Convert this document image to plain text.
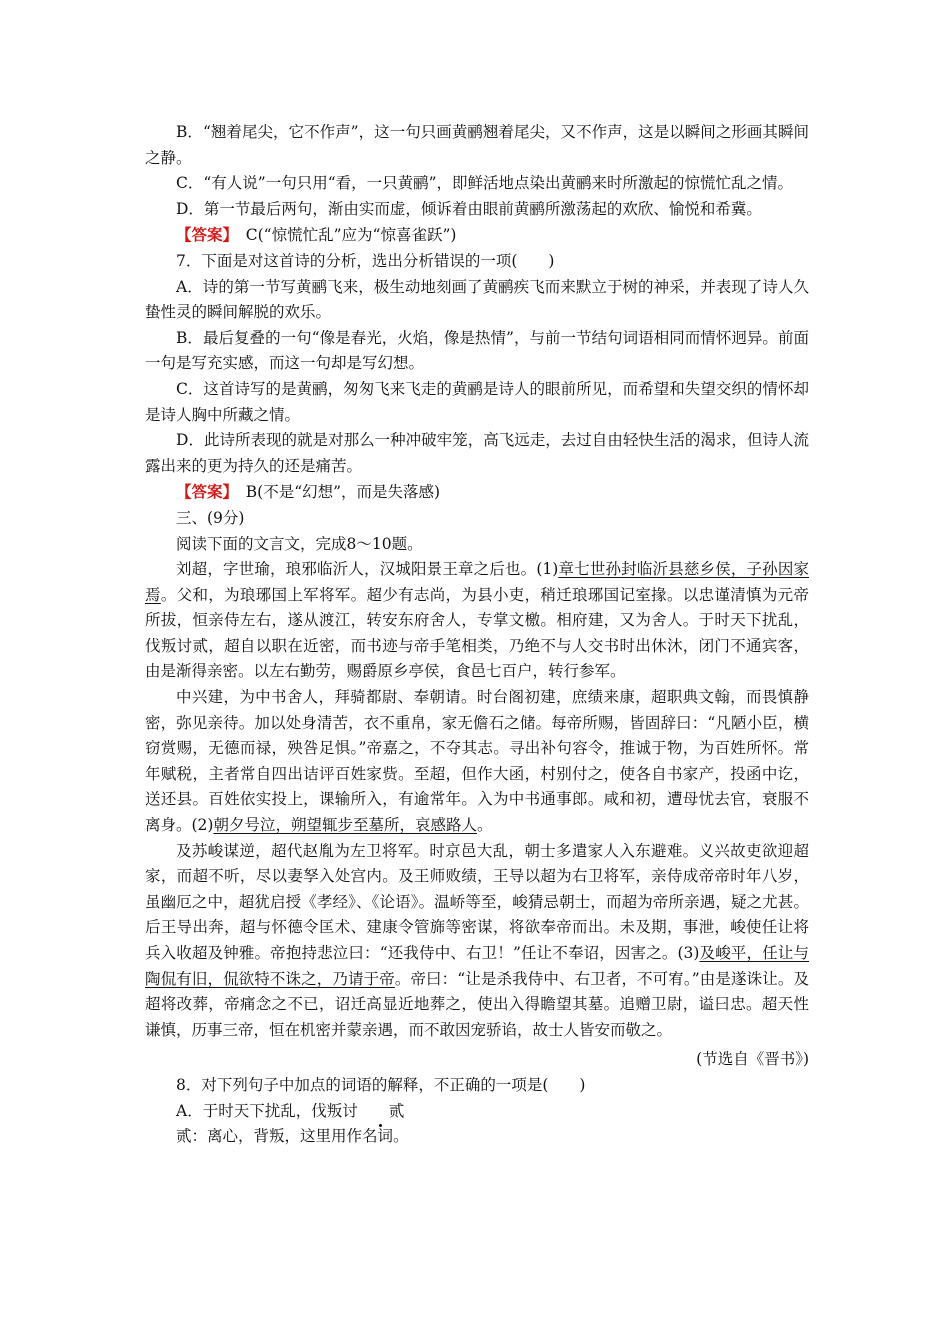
B．“翘着尾尖，它不作声”，这一句只画黄鹂翘着尾尖，又不作声，这是以瞬间之形画其瞬间之静。

C．“有人说”一句只用“看，一只黄鹂”，即鲜活地点染出黄鹂来时所激起的惊慌忙乱之情。

D．第一节最后两句，渐由实而虚，倾诉着由眼前黄鹂所激荡起的欢欣、愉悦和希冀。

【答案】　C(“惊慌忙乱”应为“惊喜雀跃”)

7．下面是对这首诗的分析，选出分析错误的一项(　　)

A．诗的第一节写黄鹂飞来，极生动地刻画了黄鹂疾飞而来默立于树的神采，并表现了诗人久蛰性灵的瞬间解脱的欢乐。

B．最后复叠的一句“像是春光，火焰，像是热情”，与前一节结句词语相同而情怀迥异。前面一句是写充实感，而这一句却是写幻想。

C．这首诗写的是黄鹂，匆匆飞来飞走的黄鹂是诗人的眼前所见，而希望和失望交织的情怀却是诗人胸中所藏之情。

D．此诗所表现的就是对那么一种冲破牢笼，高飞远走，去过自由轻快生活的渴求，但诗人流露出来的更为持久的还是痛苦。

【答案】　B(不是“幻想”，而是失落感)

三、(9分)

阅读下面的文言文，完成8～10题。

刘超，字世瑜，琅邪临沂人，汉城阳景王章之后也。(1)章七世孙封临沂县慈乡侯，子孙因家焉。父和，为琅琊国上军将军。超少有志尚，为县小吏，稍迁琅琊国记室掾。以忠谨清慎为元帝所拔，恒亲侍左右，遂从渡江，转安东府舍人，专掌文檄。相府建，又为舍人。于时天下扰乱，伐叛讨贰，超自以职在近密，而书迹与帝手笔相类，乃绝不与人交书时出休沐，闭门不通宾客，由是渐得亲密。以左右勤劳，赐爵原乡亭侯，食邑七百户，转行参军。

中兴建，为中书舍人，拜骑都尉、奉朝请。时台阁初建，庶绩来康，超职典文翰，而畏慎静密，弥见亲待。加以处身清苦，衣不重帛，家无儋石之储。每帝所赐，皆固辞曰：“凡陋小臣，横窃赏赐，无德而禄，殃咎足惧。”帝嘉之，不夺其志。寻出补句容令，推诚于物，为百姓所怀。常年赋税，主者常自四出诘评百姓家赀。至超，但作大函，村别付之，使各自书家产，投函中讫，送还县。百姓依实投上，课输所入，有逾常年。入为中书通事郎。咸和初，遭母忧去官，衰服不离身。(2)朝夕号泣，朔望辄步至墓所，哀感路人。

及苏峻谋逆，超代赵胤为左卫将军。时京邑大乱，朝士多遣家人入东避难。义兴故吏欲迎超家，而超不听，尽以妻孥入处宫内。及王师败绩，王导以超为右卫将军，亲侍成帝帝时年八岁，虽幽厄之中，超犹启授《孝经》、《论语》。温峤等至，峻猜忌朝士，而超为帝所亲遇，疑之尤甚。后王导出奔，超与怀德令匡术、建康令管旆等密谋，将欲奉帝而出。未及期，事泄，峻使任让将兵入收超及钟雅。帝抱持悲泣曰：“还我侍中、右卫！”任让不奉诏，因害之。(3)及峻平，任让与陶侃有旧，侃欲特不诛之，乃请于帝。帝曰：“让是杀我侍中、右卫者，不可宥。”由是遂诛让。及超将改葬，帝痛念之不已，诏迁高显近地葬之，使出入得瞻望其墓。追赠卫尉，谥曰忠。超天性谦慎，历事三帝，恒在机密并蒙亲遇，而不敢因宠骄谄，故士人皆安而敬之。

(节选自《晋书》)

8．对下列句子中加点的词语的解释，不正确的一项是(　　)

A．于时天下扰乱，伐叛讨 贰

贰：离心，背叛，这里用作名词。
